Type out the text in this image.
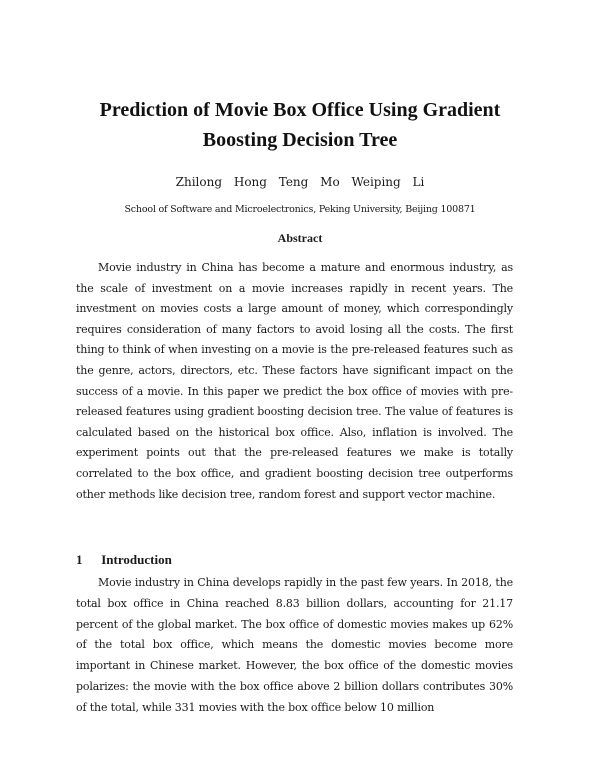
Prediction of Movie Box Office Using Gradient
Boosting Decision Tree

Zhilong Hong Teng Mo Weiping Li

School of Software and Microelectronics, Peking University, Beijing 100871

Abstract

Movie industry in China has become a mature and enormous industry, as the scale of investment on a movie increases rapidly in recent years. The investment on movies costs a large amount of money, which correspondingly requires consideration of many factors to avoid losing all the costs. The first thing to think of when investing on a movie is the pre-released features such as the genre, actors, directors, etc. These factors have significant impact on the success of a movie. In this paper we predict the box office of movies with pre-released features using gradient boosting decision tree. The value of features is calculated based on the historical box office. Also, inflation is involved. The experiment points out that the pre-released features we make is totally correlated to the box office, and gradient boosting decision tree outperforms other methods like decision tree, random forest and support vector machine.

1 Introduction

Movie industry in China develops rapidly in the past few years. In 2018, the total box office in China reached 8.83 billion dollars, accounting for 21.17 percent of the global market. The box office of domestic movies makes up 62% of the total box office, which means the domestic movies become more important in Chinese market. However, the box office of the domestic movies polarizes: the movie with the box office above 2 billion dollars contributes 30% of the total, while 331 movies with the box office below 10 million
